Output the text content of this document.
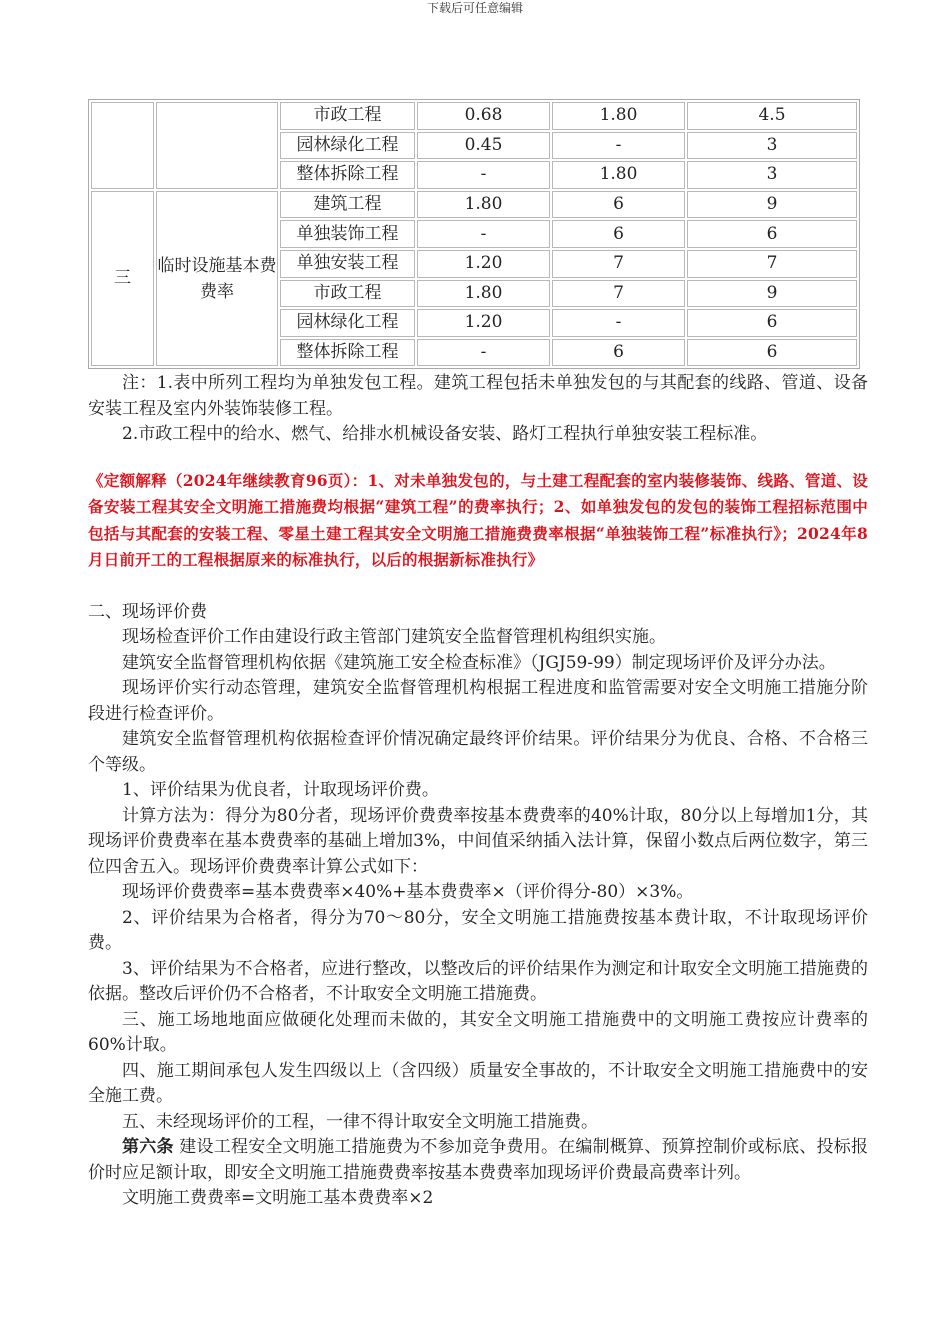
下载后可任意编辑
		市政工程	0.68	1.80	4.5
		园林绿化工程	0.45	-	3
		整体拆除工程	-	1.80	3
三	临时设施基本费费率	建筑工程	1.80	6	9
		单独装饰工程	-	6	6
		单独安装工程	1.20	7	7
		市政工程	1.80	7	9
		园林绿化工程	1.20	-	6
		整体拆除工程	-	6	6

注：1.表中所列工程均为单独发包工程。建筑工程包括未单独发包的与其配套的线路、管道、设备安装工程及室内外装饰装修工程。

2.市政工程中的给水、燃气、给排水机械设备安装、路灯工程执行单独安装工程标准。

《定额解释（2024年继续教育96页）：1、对未单独发包的，与土建工程配套的室内装修装饰、线路、管道、设备安装工程其安全文明施工措施费均根据“建筑工程”的费率执行；2、如单独发包的发包的装饰工程招标范围中包括与其配套的安装工程、零星土建工程其安全文明施工措施费费率根据“单独装饰工程”标准执行》；2024年8月日前开工的工程根据原来的标准执行，以后的根据新标准执行》

二、现场评价费

现场检查评价工作由建设行政主管部门建筑安全监督管理机构组织实施。

建筑安全监督管理机构依据《建筑施工安全检查标准》（JGJ59-99）制定现场评价及评分办法。

现场评价实行动态管理，建筑安全监督管理机构根据工程进度和监管需要对安全文明施工措施分阶段进行检查评价。

建筑安全监督管理机构依据检查评价情况确定最终评价结果。评价结果分为优良、合格、不合格三个等级。

1、评价结果为优良者，计取现场评价费。

计算方法为：得分为80分者，现场评价费费率按基本费费率的40%计取，80分以上每增加1分，其现场评价费费率在基本费费率的基础上增加3%，中间值采纳插入法计算，保留小数点后两位数字，第三位四舍五入。现场评价费费率计算公式如下：

现场评价费费率=基本费费率×40%+基本费费率×（评价得分-80）×3%。

2、评价结果为合格者，得分为70～80分，安全文明施工措施费按基本费计取，不计取现场评价费。

3、评价结果为不合格者，应进行整改，以整改后的评价结果作为测定和计取安全文明施工措施费的依据。整改后评价仍不合格者，不计取安全文明施工措施费。

三、施工场地地面应做硬化处理而未做的，其安全文明施工措施费中的文明施工费按应计费率的60%计取。

四、施工期间承包人发生四级以上（含四级）质量安全事故的，不计取安全文明施工措施费中的安全施工费。

五、未经现场评价的工程，一律不得计取安全文明施工措施费。

第六条 建设工程安全文明施工措施费为不参加竞争费用。在编制概算、预算控制价或标底、投标报价时应足额计取，即安全文明施工措施费费率按基本费费率加现场评价费最高费率计列。

文明施工费费率=文明施工基本费费率×2
